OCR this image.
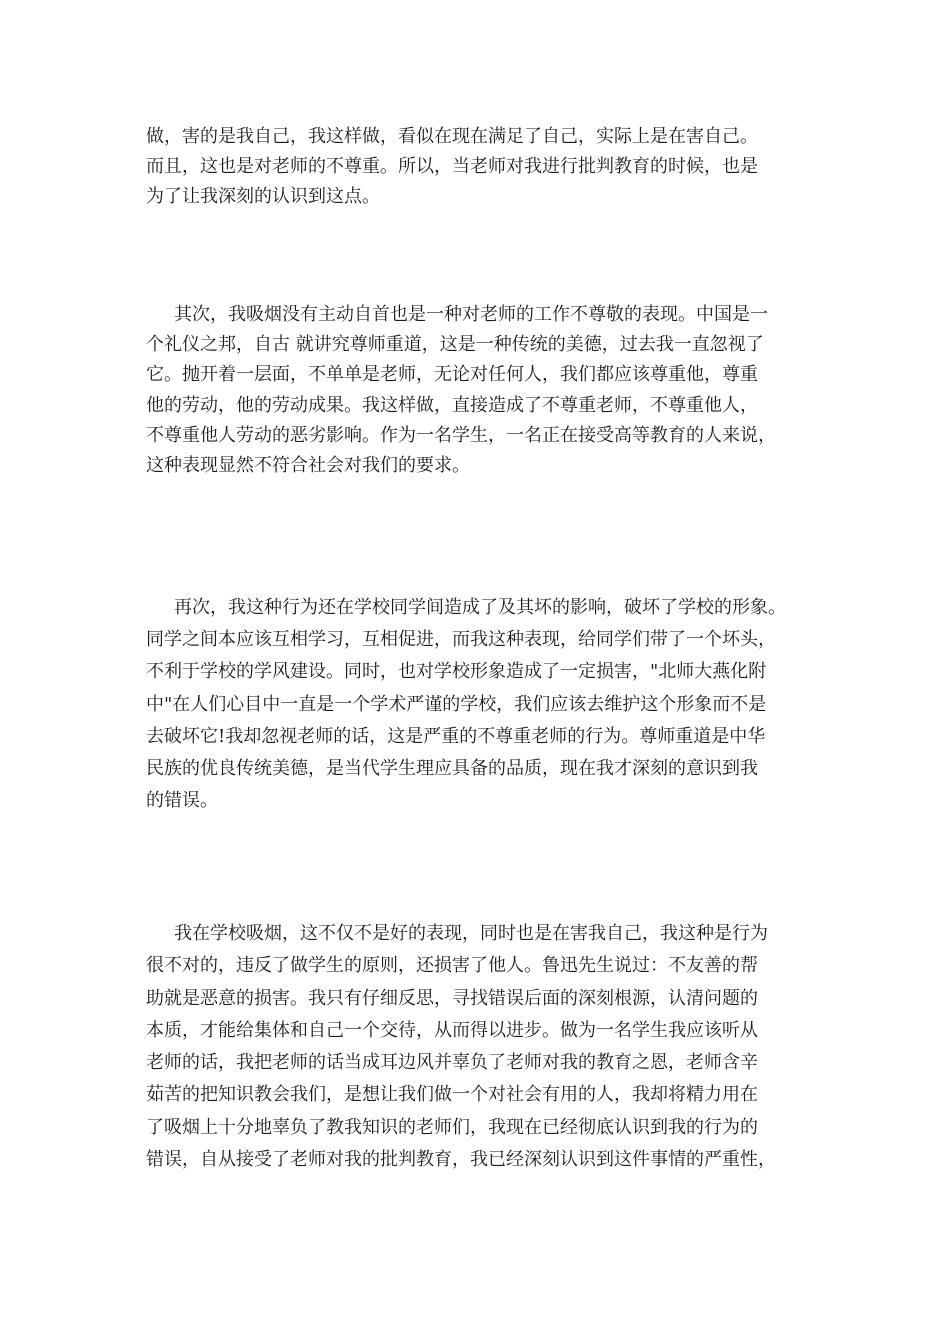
做，害的是我自己，我这样做，看似在现在满足了自己，实际上是在害自己。
而且，这也是对老师的不尊重。所以，当老师对我进行批判教育的时候，也是
为了让我深刻的认识到这点。
其次，我吸烟没有主动自首也是一种对老师的工作不尊敬的表现。中国是一
个礼仪之邦，自古 就讲究尊师重道，这是一种传统的美德，过去我一直忽视了
它。抛开着一层面，不单单是老师，无论对任何人，我们都应该尊重他，尊重
他的劳动，他的劳动成果。我这样做，直接造成了不尊重老师，不尊重他人，
不尊重他人劳动的恶劣影响。作为一名学生，一名正在接受高等教育的人来说，
这种表现显然不符合社会对我们的要求。
再次，我这种行为还在学校同学间造成了及其坏的影响，破坏了学校的形象。
同学之间本应该互相学习，互相促进，而我这种表现，给同学们带了一个坏头，
不利于学校的学风建设。同时，也对学校形象造成了一定损害，"北师大燕化附
中"在人们心目中一直是一个学术严谨的学校，我们应该去维护这个形象而不是
去破坏它!我却忽视老师的话，这是严重的不尊重老师的行为。尊师重道是中华
民族的优良传统美德，是当代学生理应具备的品质，现在我才深刻的意识到我
的错误。
我在学校吸烟，这不仅不是好的表现，同时也是在害我自己，我这种是行为
很不对的，违反了做学生的原则，还损害了他人。鲁迅先生说过：不友善的帮
助就是恶意的损害。我只有仔细反思，寻找错误后面的深刻根源，认清问题的
本质，才能给集体和自己一个交待，从而得以进步。做为一名学生我应该听从
老师的话，我把老师的话当成耳边风并辜负了老师对我的教育之恩，老师含辛
茹苦的把知识教会我们，是想让我们做一个对社会有用的人，我却将精力用在
了吸烟上十分地辜负了教我知识的老师们，我现在已经彻底认识到我的行为的
错误，自从接受了老师对我的批判教育，我已经深刻认识到这件事情的严重性，
